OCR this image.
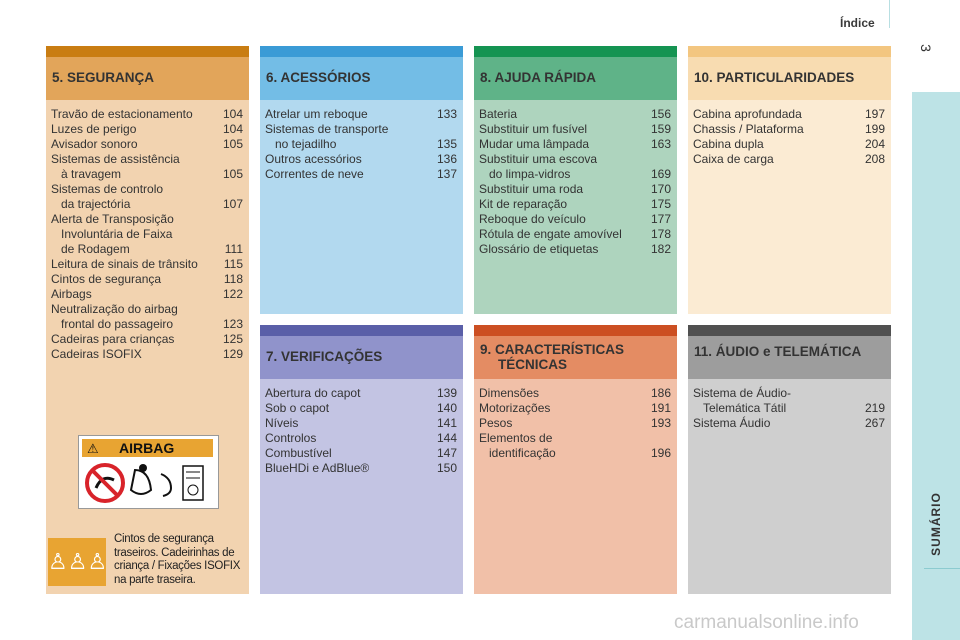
Índice
3
SUMÁRIO
5. SEGURANÇA
Travão de estacionamento	104
Luzes de perigo	104
Avisador sonoro	105
Sistemas de assistência
à travagem	105
Sistemas de controlo
da trajectória	107
Alerta de Transposição
Involuntária de Faixa
de Rodagem	111
Leitura de sinais de trânsito	115
Cintos de segurança	118
Airbags	122
Neutralização do airbag
frontal do passageiro	123
Cadeiras para crianças	125
Cadeiras ISOFIX	129
6. ACESSÓRIOS
Atrelar um reboque	133
Sistemas de transporte
no tejadilho	135
Outros acessórios	136
Correntes de neve	137
8. AJUDA RÁPIDA
Bateria	156
Substituir um fusível	159
Mudar uma lâmpada	163
Substituir uma escova
do limpa-vidros	169
Substituir uma roda	170
Kit de reparação	175
Reboque do veículo	177
Rótula de engate amovível	178
Glossário de etiquetas	182
10. PARTICULARIDADES
Cabina aprofundada	197
Chassis / Plataforma	199
Cabina dupla	204
Caixa de carga	208
7. VERIFICAÇÕES
Abertura do capot	139
Sob o capot	140
Níveis	141
Controlos	144
Combustível	147
BlueHDi e AdBlue®	150
9. CARACTERÍSTICAS
TÉCNICAS
Dimensões	186
Motorizações	191
Pesos	193
Elementos de
identificação	196
11. ÁUDIO e TELEMÁTICA
Sistema de Áudio-
Telemática Tátil	219
Sistema Áudio	267
⚠ AIRBAG
♙♙♙
Cintos de segurança traseiros. Cadeirinhas de criança / Fixações ISOFIX na parte traseira.
carmanualsonline.info
